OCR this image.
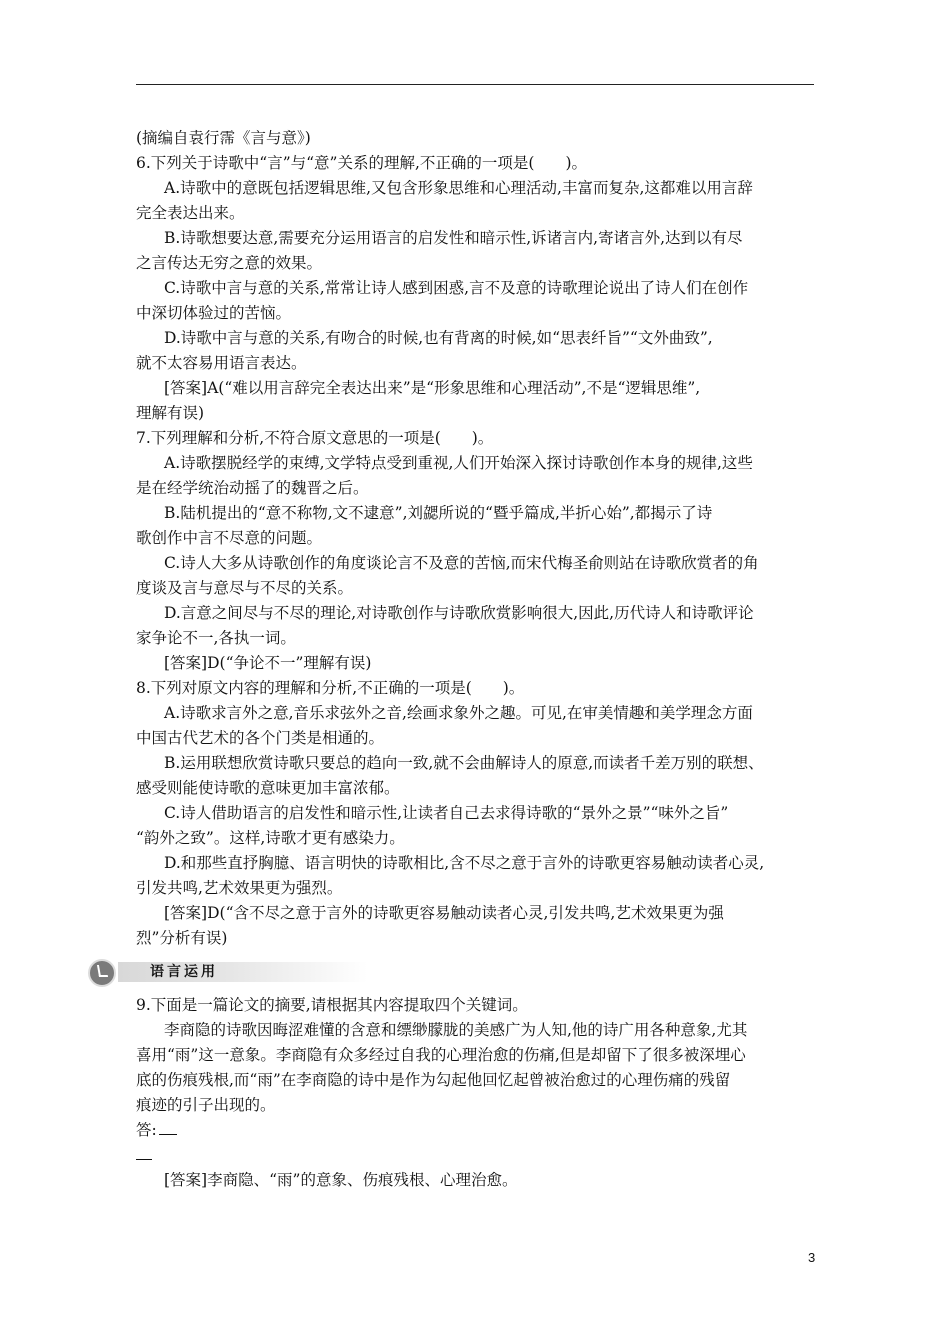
(摘编自袁行霈《言与意》)
6.下列关于诗歌中“言”与“意”关系的理解,不正确的一项是(　　)。
A.诗歌中的意既包括逻辑思维,又包含形象思维和心理活动,丰富而复杂,这都难以用言辞
完全表达出来。
B.诗歌想要达意,需要充分运用语言的启发性和暗示性,诉诸言内,寄诸言外,达到以有尽
之言传达无穷之意的效果。
C.诗歌中言与意的关系,常常让诗人感到困惑,言不及意的诗歌理论说出了诗人们在创作
中深切体验过的苦恼。
D.诗歌中言与意的关系,有吻合的时候,也有背离的时候,如“思表纤旨”“文外曲致”,
就不太容易用语言表达。
[答案]A(“难以用言辞完全表达出来”是“形象思维和心理活动”,不是“逻辑思维”,
理解有误)
7.下列理解和分析,不符合原文意思的一项是(　　)。
A.诗歌摆脱经学的束缚,文学特点受到重视,人们开始深入探讨诗歌创作本身的规律,这些
是在经学统治动摇了的魏晋之后。
B.陆机提出的“意不称物,文不逮意”,刘勰所说的“暨乎篇成,半折心始”,都揭示了诗
歌创作中言不尽意的问题。
C.诗人大多从诗歌创作的角度谈论言不及意的苦恼,而宋代梅圣俞则站在诗歌欣赏者的角
度谈及言与意尽与不尽的关系。
D.言意之间尽与不尽的理论,对诗歌创作与诗歌欣赏影响很大,因此,历代诗人和诗歌评论
家争论不一,各执一词。
[答案]D(“争论不一”理解有误)
8.下列对原文内容的理解和分析,不正确的一项是(　　)。
A.诗歌求言外之意,音乐求弦外之音,绘画求象外之趣。可见,在审美情趣和美学理念方面
中国古代艺术的各个门类是相通的。
B.运用联想欣赏诗歌只要总的趋向一致,就不会曲解诗人的原意,而读者千差万别的联想、
感受则能使诗歌的意味更加丰富浓郁。
C.诗人借助语言的启发性和暗示性,让读者自己去求得诗歌的“景外之景”“味外之旨”
“韵外之致”。这样,诗歌才更有感染力。
D.和那些直抒胸臆、语言明快的诗歌相比,含不尽之意于言外的诗歌更容易触动读者心灵,
引发共鸣,艺术效果更为强烈。
[答案]D(“含不尽之意于言外的诗歌更容易触动读者心灵,引发共鸣,艺术效果更为强
烈”分析有误)
语言运用
9.下面是一篇论文的摘要,请根据其内容提取四个关键词。
李商隐的诗歌因晦涩难懂的含意和缥缈朦胧的美感广为人知,他的诗广用各种意象,尤其
喜用“雨”这一意象。李商隐有众多经过自我的心理治愈的伤痛,但是却留下了很多被深埋心
底的伤痕残根,而“雨”在李商隐的诗中是作为勾起他回忆起曾被治愈过的心理伤痛的残留
痕迹的引子出现的。
答:
[答案]李商隐、“雨”的意象、伤痕残根、心理治愈。
3
